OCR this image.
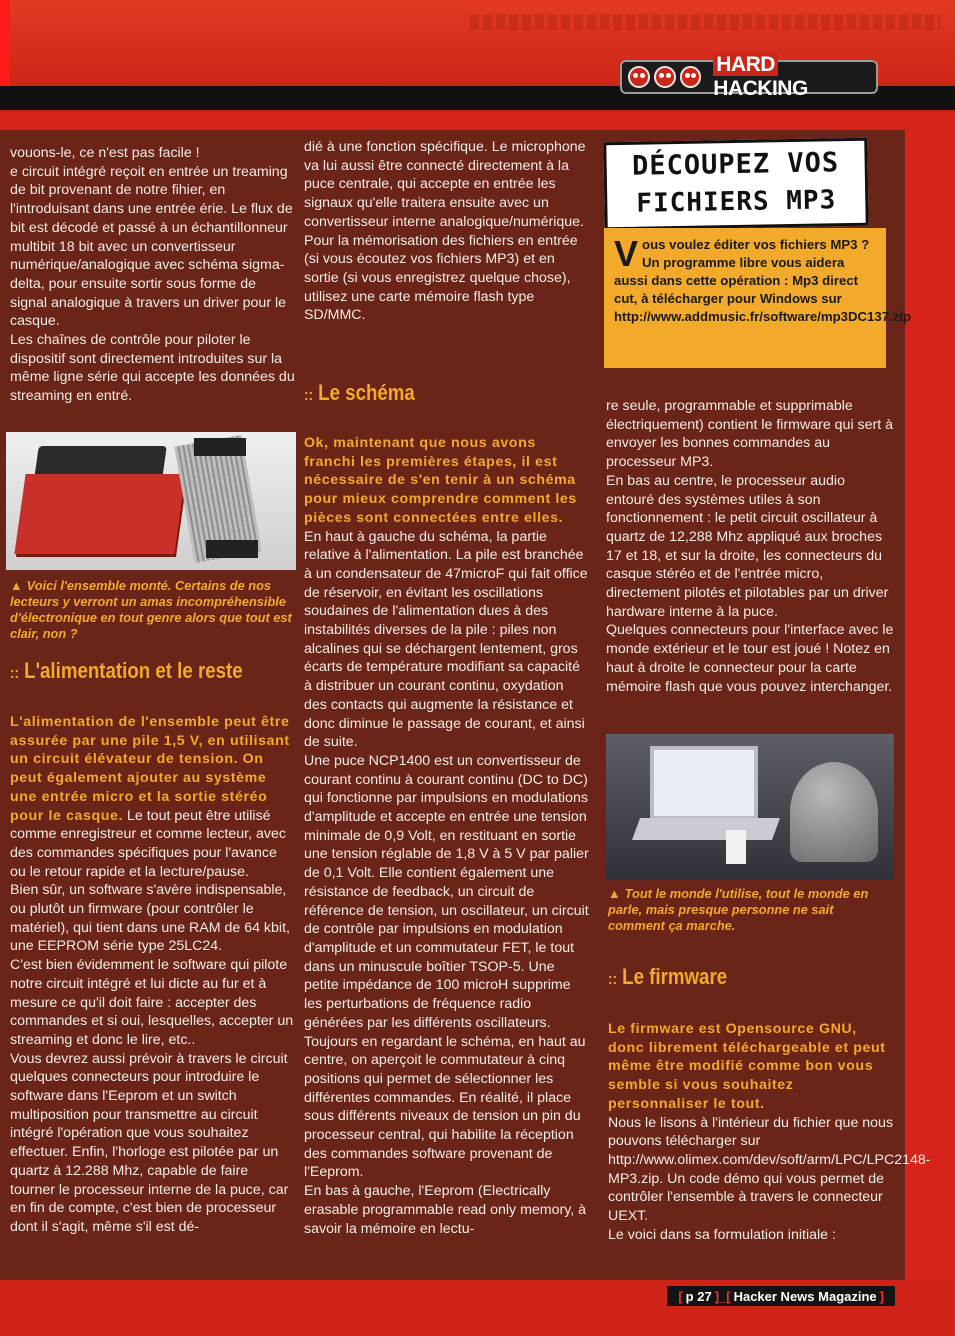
HARD HACKING

vouons-le, ce n'est pas facile !

e circuit intégré reçoit en entrée un treaming de bit provenant de notre fihier, en l'introduisant dans une entrée érie. Le flux de bit est décodé et passé à un échantillonneur multibit 18 bit avec un convertisseur numérique/analogique avec schéma sigma-delta, pour ensuite sortir sous forme de signal analogique à travers un driver pour le casque.

Les chaînes de contrôle pour piloter le dispositif sont directement introduites sur la même ligne série qui accepte les données du streaming en entré.

▲ Voici l'ensemble monté. Certains de nos lecteurs y verront un amas incompréhensible d'électronique en tout genre alors que tout est clair, non ?
:: L'alimentation et le reste

L'alimentation de l'ensemble peut être assurée par une pile 1,5 V, en utilisant un circuit élévateur de tension. On peut également ajouter au système une entrée micro et la sortie stéréo pour le casque. Le tout peut être utilisé comme enregistreur et comme lecteur, avec des commandes spécifiques pour l'avance ou le retour rapide et la lecture/pause.

Bien sûr, un software s'avère indispensable, ou plutôt un firmware (pour contrôler le matériel), qui tient dans une RAM de 64 kbit, une EEPROM série type 25LC24.

C'est bien évidemment le software qui pilote notre circuit intégré et lui dicte au fur et à mesure ce qu'il doit faire : accepter des commandes et si oui, lesquelles, accepter un streaming et donc le lire, etc..

Vous devrez aussi prévoir à travers le circuit quelques connecteurs pour introduire le software dans l'Eeprom et un switch multiposition pour transmettre au circuit intégré l'opération que vous souhaitez effectuer. Enfin, l'horloge est pilotée par un quartz à 12.288 Mhz, capable de faire tourner le processeur interne de la puce, car en fin de compte, c'est bien de processeur dont il s'agit, même s'il est dé-

dié à une fonction spécifique. Le microphone va lui aussi être connecté directement à la puce centrale, qui accepte en entrée les signaux qu'elle traitera ensuite avec un convertisseur interne analogique/numérique.

Pour la mémorisation des fichiers en entrée (si vous écoutez vos fichiers MP3) et en sortie (si vous enregistrez quelque chose), utilisez une carte mémoire flash type SD/MMC.

:: Le schéma

Ok, maintenant que nous avons franchi les premières étapes, il est nécessaire de s'en tenir à un schéma pour mieux comprendre comment les pièces sont connectées entre elles.

En haut à gauche du schéma, la partie relative à l'alimentation. La pile est branchée à un condensateur de 47microF qui fait office de réservoir, en évitant les oscillations soudaines de l'alimentation dues à des instabilités diverses de la pile : piles non alcalines qui se déchargent lentement, gros écarts de température modifiant sa capacité à distribuer un courant continu, oxydation des contacts qui augmente la résistance et donc diminue le passage de courant, et ainsi de suite.

Une puce NCP1400 est un convertisseur de courant continu à courant continu (DC to DC) qui fonctionne par impulsions en modulations d'amplitude et accepte en entrée une tension minimale de 0,9 Volt, en restituant en sortie une tension réglable de 1,8 V à 5 V par palier de 0,1 Volt. Elle contient également une résistance de feedback, un circuit de référence de tension, un oscillateur, un circuit de contrôle par impulsions en modulation d'amplitude et un commutateur FET, le tout dans un minuscule boîtier TSOP-5. Une petite impédance de 100 microH supprime les perturbations de fréquence radio générées par les différents oscillateurs.

Toujours en regardant le schéma, en haut au centre, on aperçoit le commutateur à cinq positions qui permet de sélectionner les différentes commandes. En réalité, il place sous différents niveaux de tension un pin du processeur central, qui habilite la réception des commandes software provenant de l'Eeprom.

En bas à gauche, l'Eeprom (Electrically erasable programmable read only memory, à savoir la mémoire en lectu-

DÉCOUPEZ VOS
FICHIERS MP3
Vous voulez éditer vos fichiers MP3 ? Un programme libre vous aidera aussi dans cette opération : Mp3 direct cut, à télécharger pour Windows sur http://www.addmusic.fr/software/mp3DC137.zip

re seule, programmable et supprimable électriquement) contient le firmware qui sert à envoyer les bonnes commandes au processeur MP3.

En bas au centre, le processeur audio entouré des systèmes utiles à son fonctionnement : le petit circuit oscillateur à quartz de 12,288 Mhz appliqué aux broches 17 et 18, et sur la droite, les connecteurs du casque stéréo et de l'entrée micro, directement pilotés et pilotables par un driver hardware interne à la puce.

Quelques connecteurs pour l'interface avec le monde extérieur et le tour est joué ! Notez en haut à droite le connecteur pour la carte mémoire flash que vous pouvez interchanger.

▲ Tout le monde l'utilise, tout le monde en parle, mais presque personne ne sait comment ça marche.
:: Le firmware

Le firmware est Opensource GNU, donc librement téléchargeable et peut même être modifié comme bon vous semble si vous souhaitez personnaliser le tout.

Nous le lisons à l'intérieur du fichier que nous pouvons télécharger sur http://www.olimex.com/dev/soft/arm/LPC/LPC2148-MP3.zip. Un code démo qui vous permet de contrôler l'ensemble à travers le connecteur UEXT.

Le voici dans sa formulation initiale :

[ p 27 ]_[ Hacker News Magazine ]
